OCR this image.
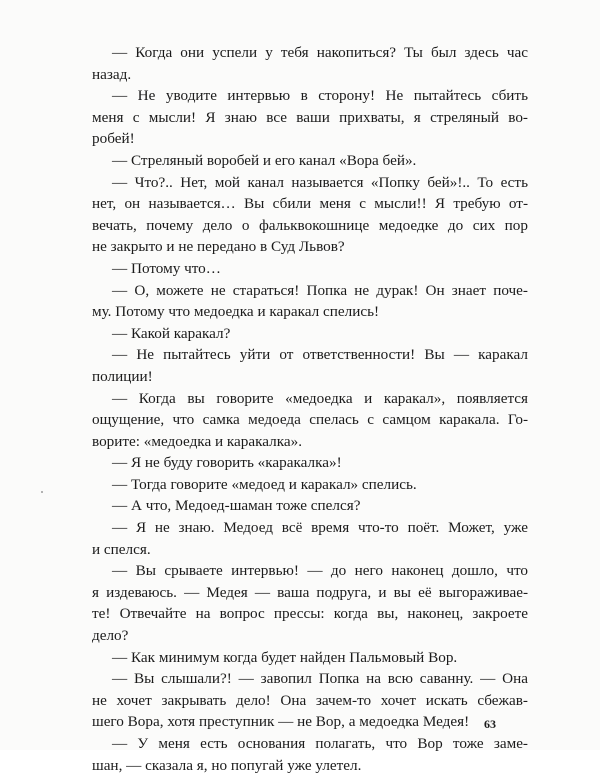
— Когда они успели у тебя накопиться? Ты был здесь час
назад.
— Не уводите интервью в сторону! Не пытайтесь сбить
меня с мысли! Я знаю все ваши прихваты, я стреляный во-
робей!
— Стреляный воробей и его канал «Вора бей».
— Что?.. Нет, мой канал называется «Попку бей»!.. То есть
нет, он называется… Вы сбили меня с мысли!! Я требую от-
вечать, почему дело о фальквокошнице медоедке до сих пор
не закрыто и не передано в Суд Львов?
— Потому что…
— О, можете не стараться! Попка не дурак! Он знает поче-
му. Потому что медоедка и каракал спелись!
— Какой каракал?
— Не пытайтесь уйти от ответственности! Вы — каракал
полиции!
— Когда вы говорите «медоедка и каракал», появляется
ощущение, что самка медоеда спелась с самцом каракала. Го-
ворите: «медоедка и каракалка».
— Я не буду говорить «каракалка»!
— Тогда говорите «медоед и каракал» спелись.
— А что, Медоед-шаман тоже спелся?
— Я не знаю. Медоед всё время что-то поёт. Может, уже
и спелся.
— Вы срываете интервью! — до него наконец дошло, что
я издеваюсь. — Медея — ваша подруга, и вы её выгораживае-
те! Отвечайте на вопрос прессы: когда вы, наконец, закроете
дело?
— Как минимум когда будет найден Пальмовый Вор.
— Вы слышали?! — завопил Попка на всю саванну. — Она
не хочет закрывать дело! Она зачем-то хочет искать сбежав-
шего Вора, хотя преступник — не Вор, а медоедка Медея!
— У меня есть основания полагать, что Вор тоже заме-
шан, — сказала я, но попугай уже улетел.
63
